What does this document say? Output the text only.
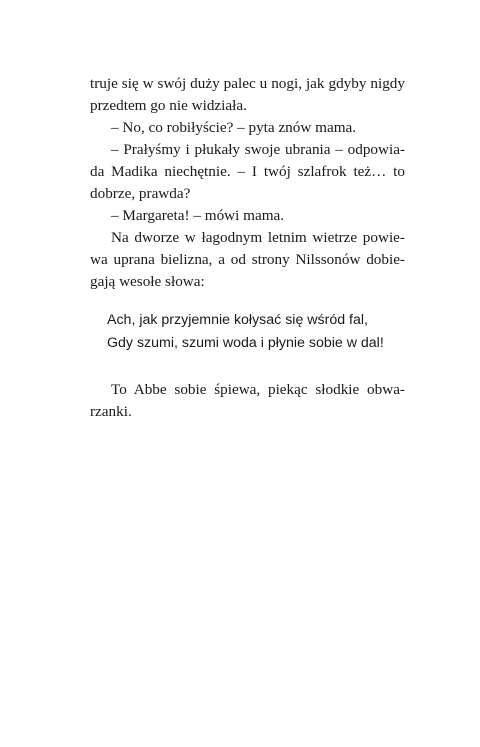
truje się w swój duży palec u nogi, jak gdyby nigdy
przedtem go nie widziała.

– No, co robiłyście? – pyta znów mama.

– Prałyśmy i płukały swoje ubrania – odpowia-
da Madika niechętnie. – I twój szlafrok też… to
dobrze, prawda?

– Margareta! – mówi mama.

Na dworze w łagodnym letnim wietrze powie-
wa uprana bielizna, a od strony Nilssonów dobie-
gają wesołe słowa:

Ach, jak przyjemnie kołysać się wśród fal,
Gdy szumi, szumi woda i płynie sobie w dal!

To Abbe sobie śpiewa, piekąc słodkie obwa-
rzanki.
